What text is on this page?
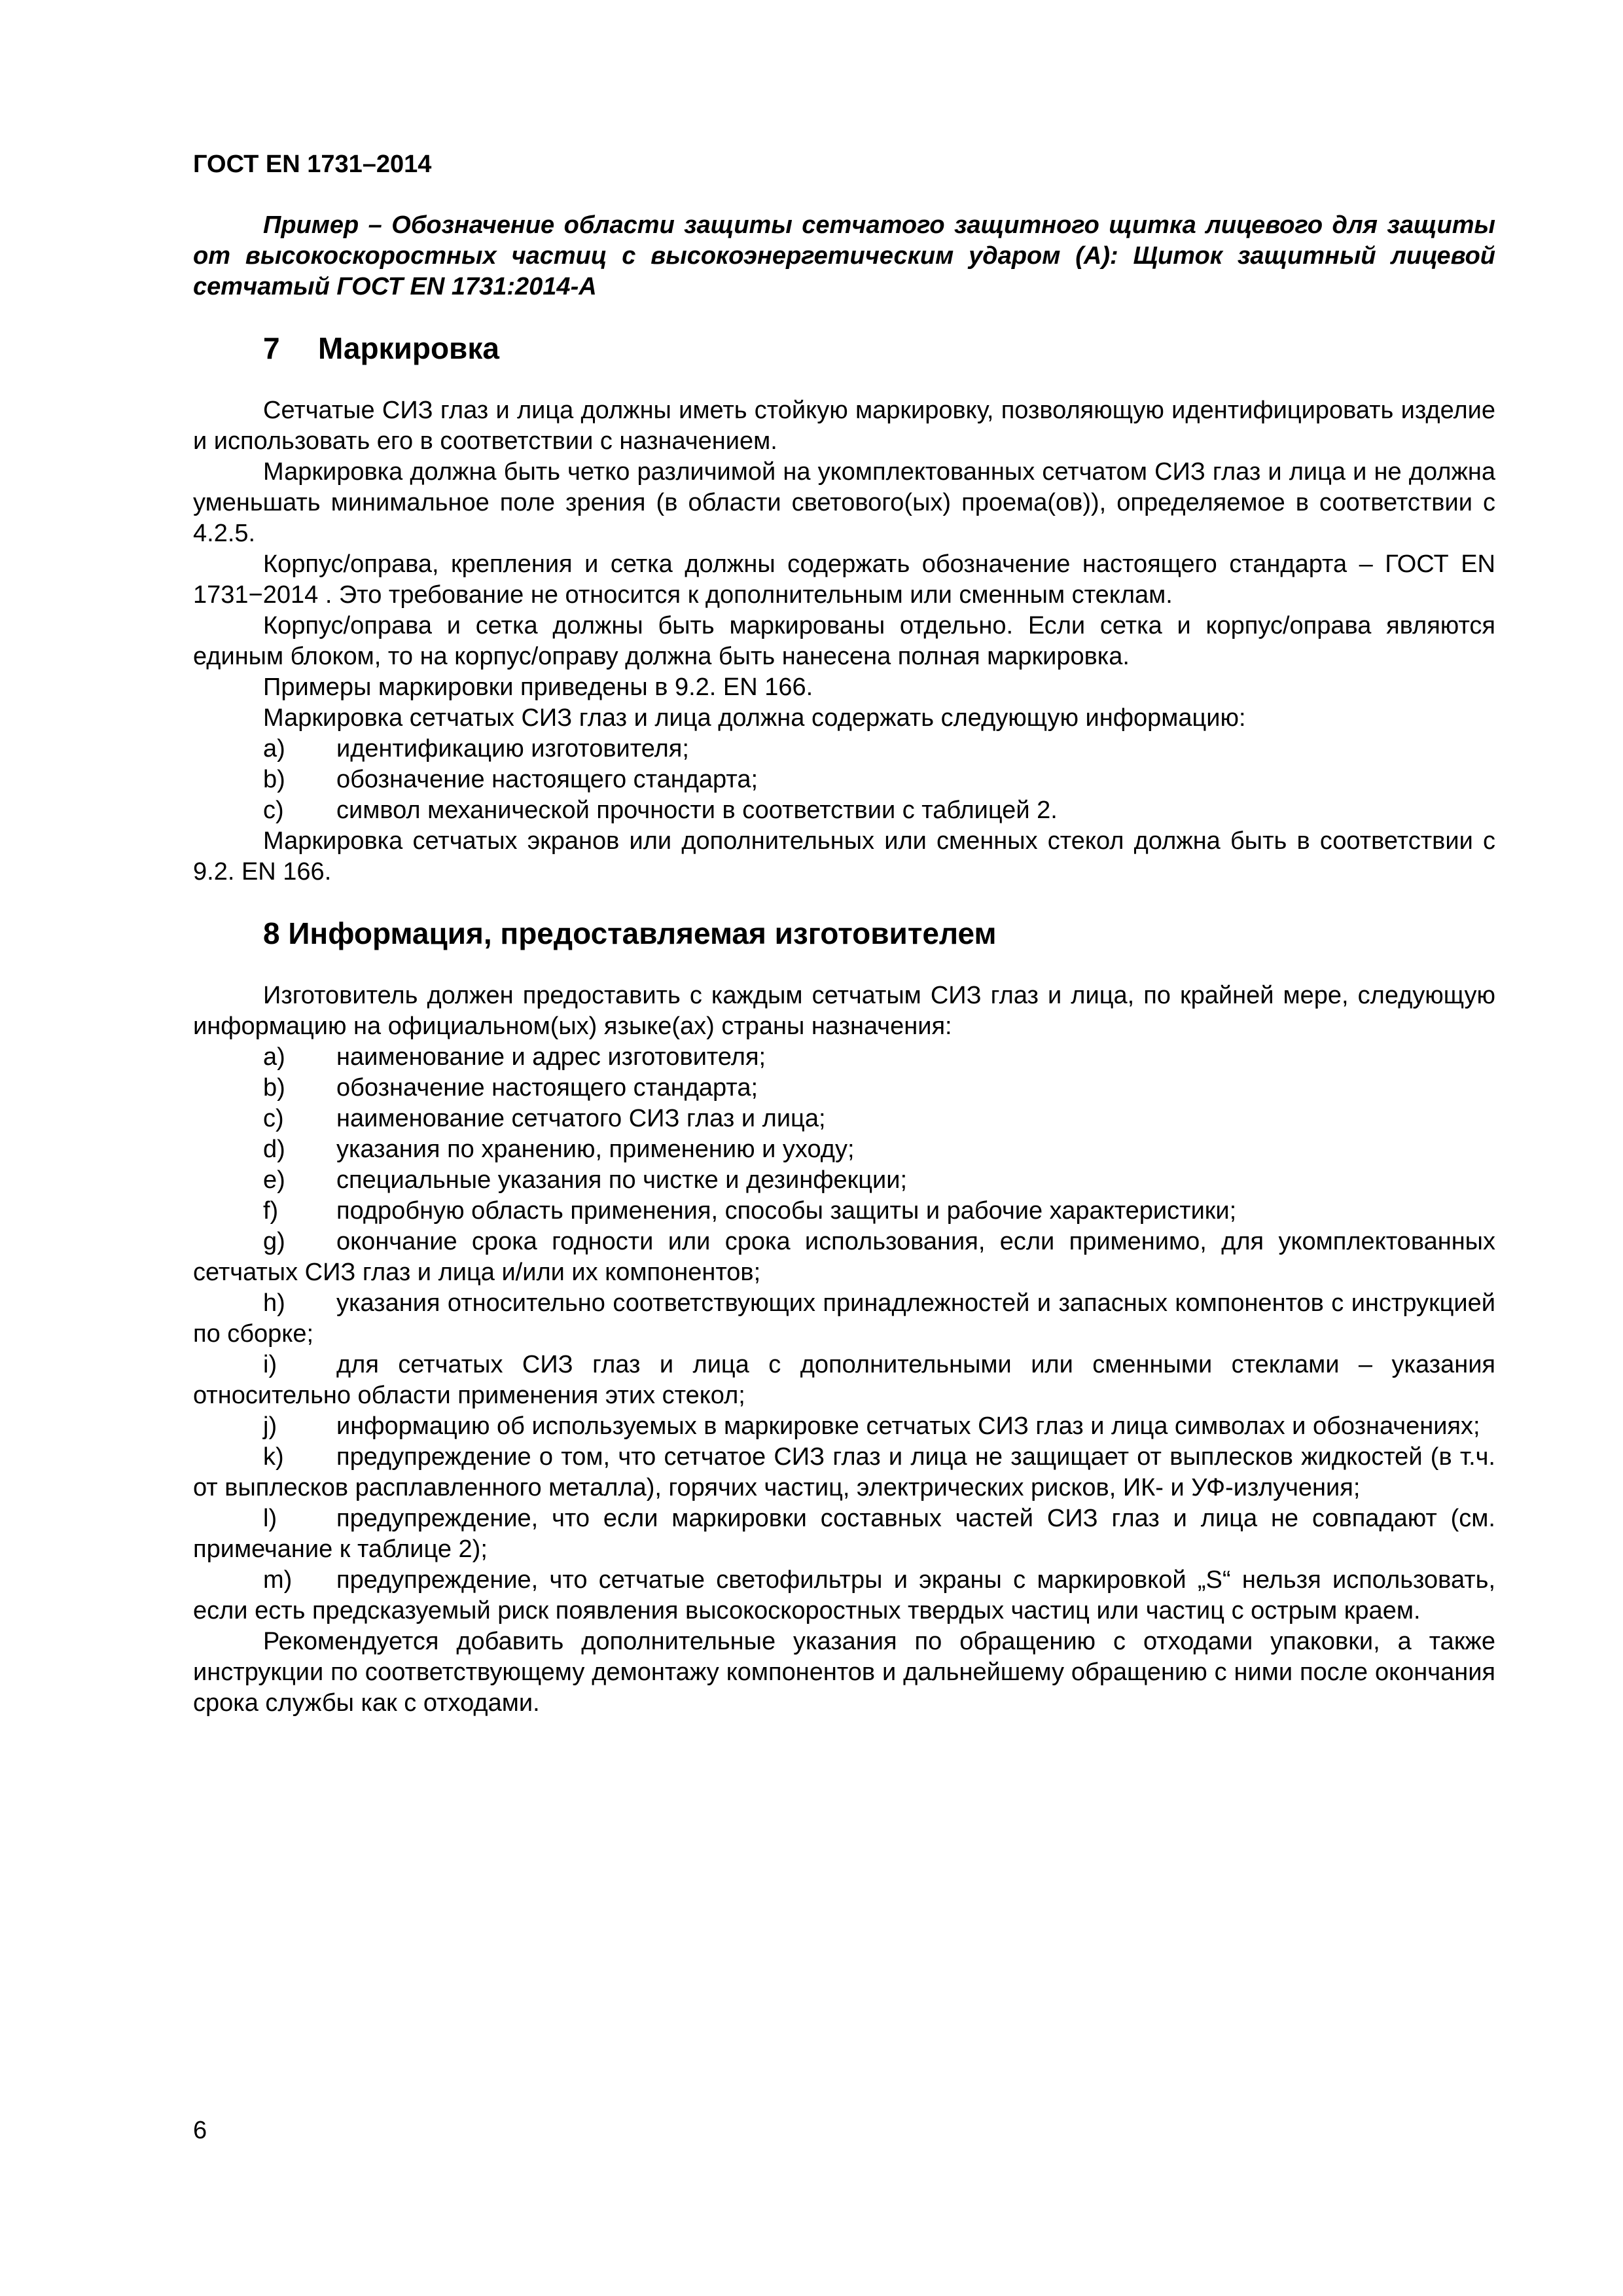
ГОСТ EN 1731–2014

Пример – Обозначение области защиты сетчатого защитного щитка лицевого для защиты от высокоскоростных частиц с высокоэнергетическим ударом (А): Щиток защитный лицевой сетчатый ГОСТ EN 1731:2014-А

7 Маркировка

Сетчатые СИЗ глаз и лица должны иметь стойкую маркировку, позволяющую идентифицировать изделие и использовать его в соответствии с назначением.

Маркировка должна быть четко различимой на укомплектованных сетчатом СИЗ глаз и лица и не должна уменьшать минимальное поле зрения (в области светового(ых) проема(ов)), определяемое в соответствии с 4.2.5.

Корпус/оправа, крепления и сетка должны содержать обозначение настоящего стандарта – ГОСТ EN 1731−2014 . Это требование не относится к дополнительным или сменным стеклам.

Корпус/оправа и сетка должны быть маркированы отдельно. Если сетка и корпус/оправа являются единым блоком, то на корпус/оправу должна быть нанесена полная маркировка.

Примеры маркировки приведены в 9.2. EN 166.

Маркировка сетчатых СИЗ глаз и лица должна содержать следующую информацию:

a) идентификацию изготовителя;

b) обозначение настоящего стандарта;

c) символ механической прочности в соответствии с таблицей 2.

Маркировка сетчатых экранов или дополнительных или сменных стекол должна быть в соответствии с 9.2. EN 166.

8 Информация, предоставляемая изготовителем

Изготовитель должен предоставить с каждым сетчатым СИЗ глаз и лица, по крайней мере, следующую информацию на официальном(ых) языке(ах) страны назначения:

a) наименование и адрес изготовителя;

b) обозначение настоящего стандарта;

c) наименование сетчатого СИЗ глаз и лица;

d) указания по хранению, применению и уходу;

e) специальные указания по чистке и дезинфекции;

f) подробную область применения, способы защиты и рабочие характеристики;

g) окончание срока годности или срока использования, если применимо, для укомплектованных сетчатых СИЗ глаз и лица и/или их компонентов;

h) указания относительно соответствующих принадлежностей и запасных компонентов с инструкцией по сборке;

i) для сетчатых СИЗ глаз и лица с дополнительными или сменными стеклами – указания относительно области применения этих стекол;

j) информацию об используемых в маркировке сетчатых СИЗ глаз и лица символах и обозначениях;

k) предупреждение о том, что сетчатое СИЗ глаз и лица не защищает от выплесков жидкостей (в т.ч. от выплесков расплавленного металла), горячих частиц, электрических рисков, ИК- и УФ-излучения;

l) предупреждение, что если маркировки составных частей СИЗ глаз и лица не совпадают (см. примечание к таблице 2);

m) предупреждение, что сетчатые светофильтры и экраны с маркировкой „S“ нельзя использовать, если есть предсказуемый риск появления высокоскоростных твердых частиц или частиц с острым краем.

Рекомендуется добавить дополнительные указания по обращению с отходами упаковки, а также инструкции по соответствующему демонтажу компонентов и дальнейшему обращению с ними после окончания срока службы как с отходами.

6
